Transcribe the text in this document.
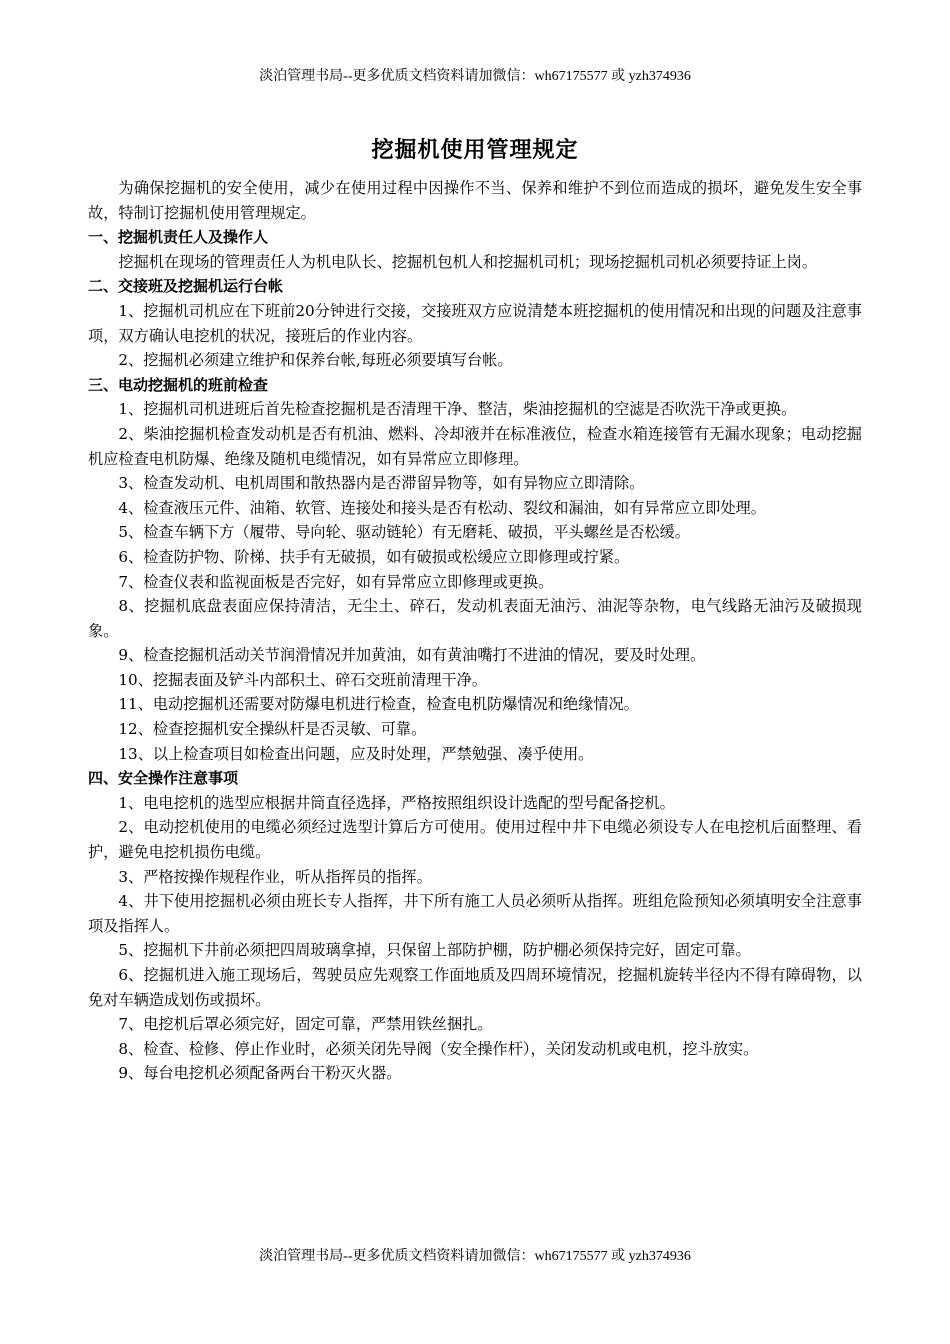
淡泊管理书局--更多优质文档资料请加微信：wh67175577 或 yzh374936
挖掘机使用管理规定

为确保挖掘机的安全使用，减少在使用过程中因操作不当、保养和维护不到位而造成的损坏，避免发生安全事故，特制订挖掘机使用管理规定。

一、挖掘机责任人及操作人

挖掘机在现场的管理责任人为机电队长、挖掘机包机人和挖掘机司机；现场挖掘机司机必须要持证上岗。

二、交接班及挖掘机运行台帐

1、挖掘机司机应在下班前20分钟进行交接，交接班双方应说清楚本班挖掘机的使用情况和出现的问题及注意事项，双方确认电挖机的状况，接班后的作业内容。

2、挖掘机必须建立维护和保养台帐,每班必须要填写台帐。

三、电动挖掘机的班前检查

1、挖掘机司机进班后首先检查挖掘机是否清理干净、整洁，柴油挖掘机的空滤是否吹洗干净或更换。

2、柴油挖掘机检查发动机是否有机油、燃料、冷却液并在标准液位，检查水箱连接管有无漏水现象；电动挖掘机应检查电机防爆、绝缘及随机电缆情况，如有异常应立即修理。

3、检查发动机、电机周围和散热器内是否滞留异物等，如有异物应立即清除。

4、检查液压元件、油箱、软管、连接处和接头是否有松动、裂纹和漏油，如有异常应立即处理。

5、检查车辆下方（履带、导向轮、驱动链轮）有无磨耗、破损，平头螺丝是否松缓。

6、检查防护物、阶梯、扶手有无破损，如有破损或松缓应立即修理或拧紧。

7、检查仪表和监视面板是否完好，如有异常应立即修理或更换。

8、挖掘机底盘表面应保持清洁，无尘土、碎石，发动机表面无油污、油泥等杂物，电气线路无油污及破损现象。

9、检查挖掘机活动关节润滑情况并加黄油，如有黄油嘴打不进油的情况，要及时处理。

10、挖掘表面及铲斗内部积土、碎石交班前清理干净。

11、电动挖掘机还需要对防爆电机进行检查，检查电机防爆情况和绝缘情况。

12、检查挖掘机安全操纵杆是否灵敏、可靠。

13、以上检查项目如检查出问题，应及时处理，严禁勉强、凑乎使用。

四、安全操作注意事项

1、电电挖机的选型应根据井筒直径选择，严格按照组织设计选配的型号配备挖机。

2、电动挖机使用的电缆必须经过选型计算后方可使用。使用过程中井下电缆必须设专人在电挖机后面整理、看护，避免电挖机损伤电缆。

3、严格按操作规程作业，听从指挥员的指挥。

4、井下使用挖掘机必须由班长专人指挥，井下所有施工人员必须听从指挥。班组危险预知必须填明安全注意事项及指挥人。

5、挖掘机下井前必须把四周玻璃拿掉，只保留上部防护棚，防护棚必须保持完好，固定可靠。

6、挖掘机进入施工现场后，驾驶员应先观察工作面地质及四周环境情况，挖掘机旋转半径内不得有障碍物，以免对车辆造成划伤或损坏。

7、电挖机后罩必须完好，固定可靠，严禁用铁丝捆扎。

8、检查、检修、停止作业时，必须关闭先导阀（安全操作杆），关闭发动机或电机，挖斗放实。

9、每台电挖机必须配备两台干粉灭火器。

淡泊管理书局--更多优质文档资料请加微信：wh67175577 或 yzh374936
